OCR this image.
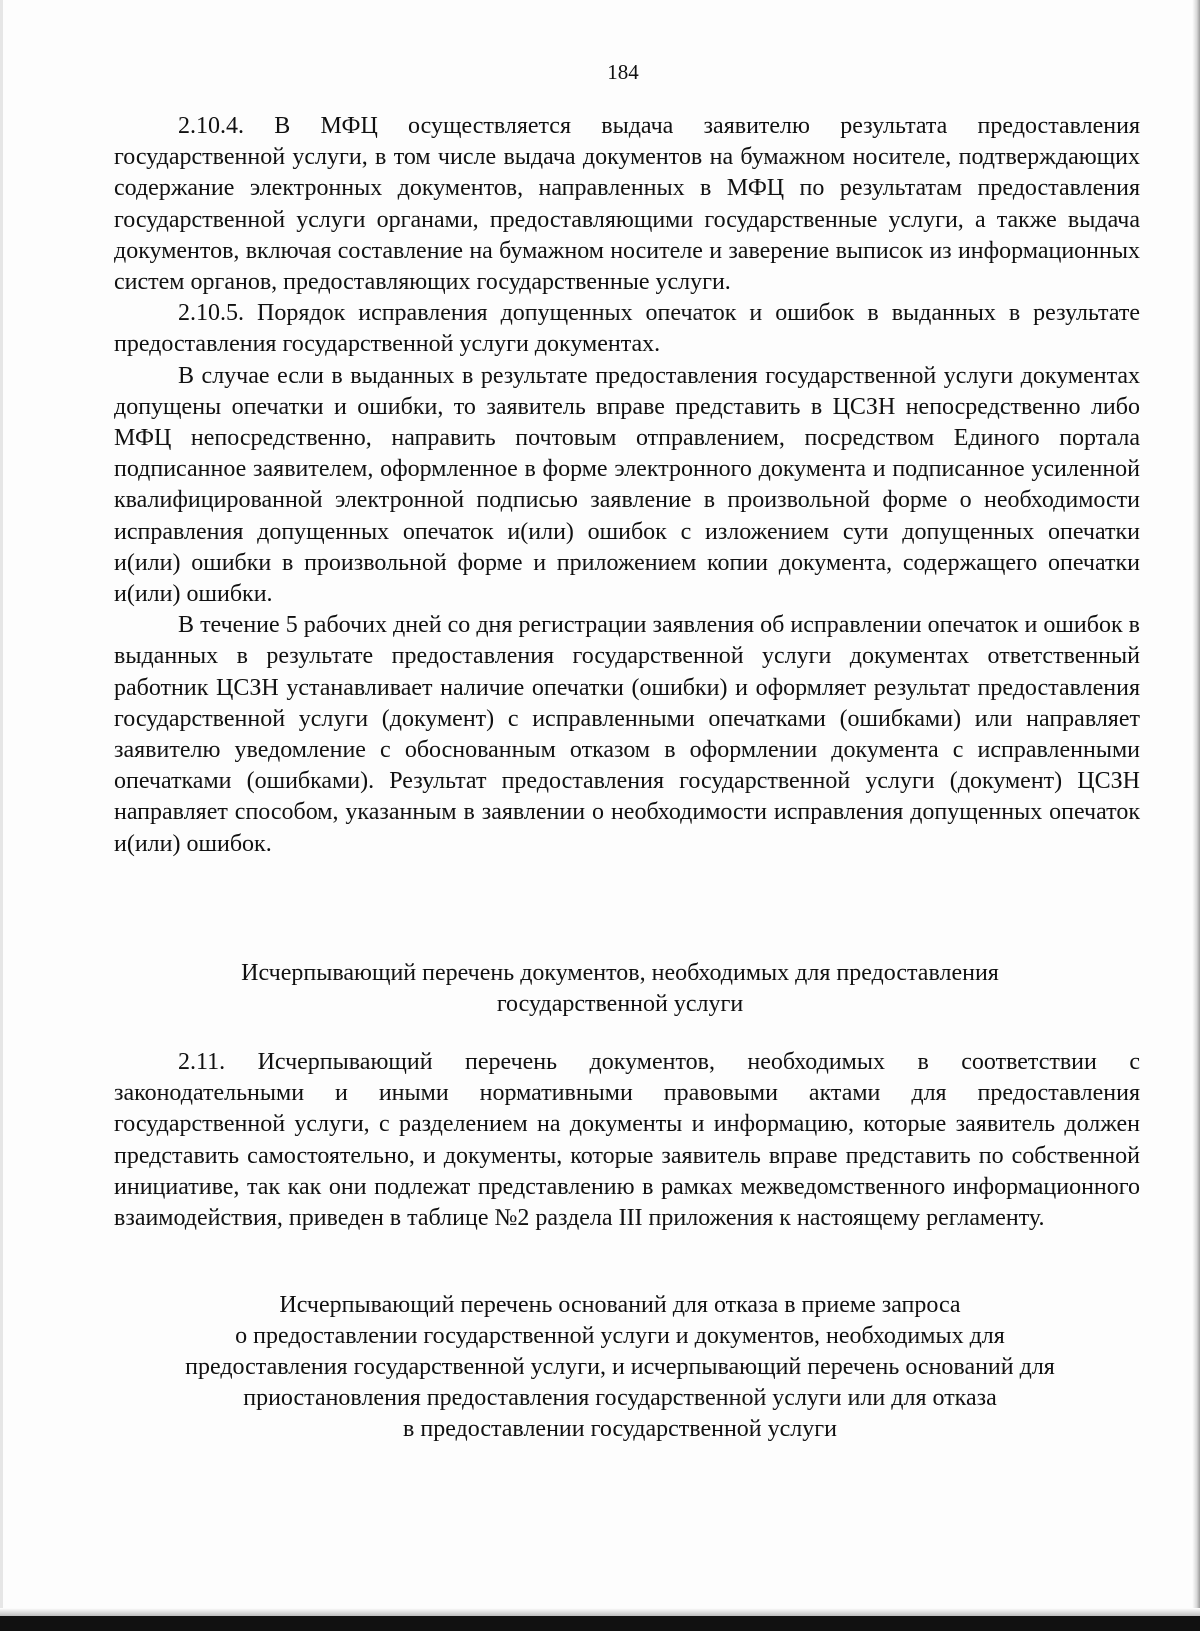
184

2.10.4. В МФЦ осуществляется выдача заявителю результата предоставления государственной услуги, в том числе выдача документов на бумажном носителе, подтверждающих содержание электронных документов, направленных в МФЦ по результатам предоставления государственной услуги органами, предоставляющими государственные услуги, а также выдача документов, включая составление на бумажном носителе и заверение выписок из информационных систем органов, предоставляющих государственные услуги.

2.10.5. Порядок исправления допущенных опечаток и ошибок в выданных в результате предоставления государственной услуги документах.

В случае если в выданных в результате предоставления государственной услуги документах допущены опечатки и ошибки, то заявитель вправе представить в ЦСЗН непосредственно либо МФЦ непосредственно, направить почтовым отправлением, посредством Единого портала подписанное заявителем, оформленное в форме электронного документа и подписанное усиленной квалифицированной электронной подписью заявление в произвольной форме о необходимости исправления допущенных опечаток и(или) ошибок с изложением сути допущенных опечатки и(или) ошибки в произвольной форме и приложением копии документа, содержащего опечатки и(или) ошибки.

В течение 5 рабочих дней со дня регистрации заявления об исправлении опечаток и ошибок в выданных в результате предоставления государственной услуги документах ответственный работник ЦСЗН устанавливает наличие опечатки (ошибки) и оформляет результат предоставления государственной услуги (документ) с исправленными опечатками (ошибками) или направляет заявителю уведомление с обоснованным отказом в оформлении документа с исправленными опечатками (ошибками). Результат предоставления государственной услуги (документ) ЦСЗН направляет способом, указанным в заявлении о необходимости исправления допущенных опечаток и(или) ошибок.

Исчерпывающий перечень документов, необходимых для предоставления
государственной услуги

2.11. Исчерпывающий перечень документов, необходимых в соответствии с законодательными и иными нормативными правовыми актами для предоставления государственной услуги, с разделением на документы и информацию, которые заявитель должен представить самостоятельно, и документы, которые заявитель вправе представить по собственной инициативе, так как они подлежат представлению в рамках межведомственного информационного взаимодействия, приведен в таблице №2 раздела III приложения к настоящему регламенту.

Исчерпывающий перечень оснований для отказа в приеме запроса
о предоставлении государственной услуги и документов, необходимых для
предоставления государственной услуги, и исчерпывающий перечень оснований для
приостановления предоставления государственной услуги или для отказа
в предоставлении государственной услуги
